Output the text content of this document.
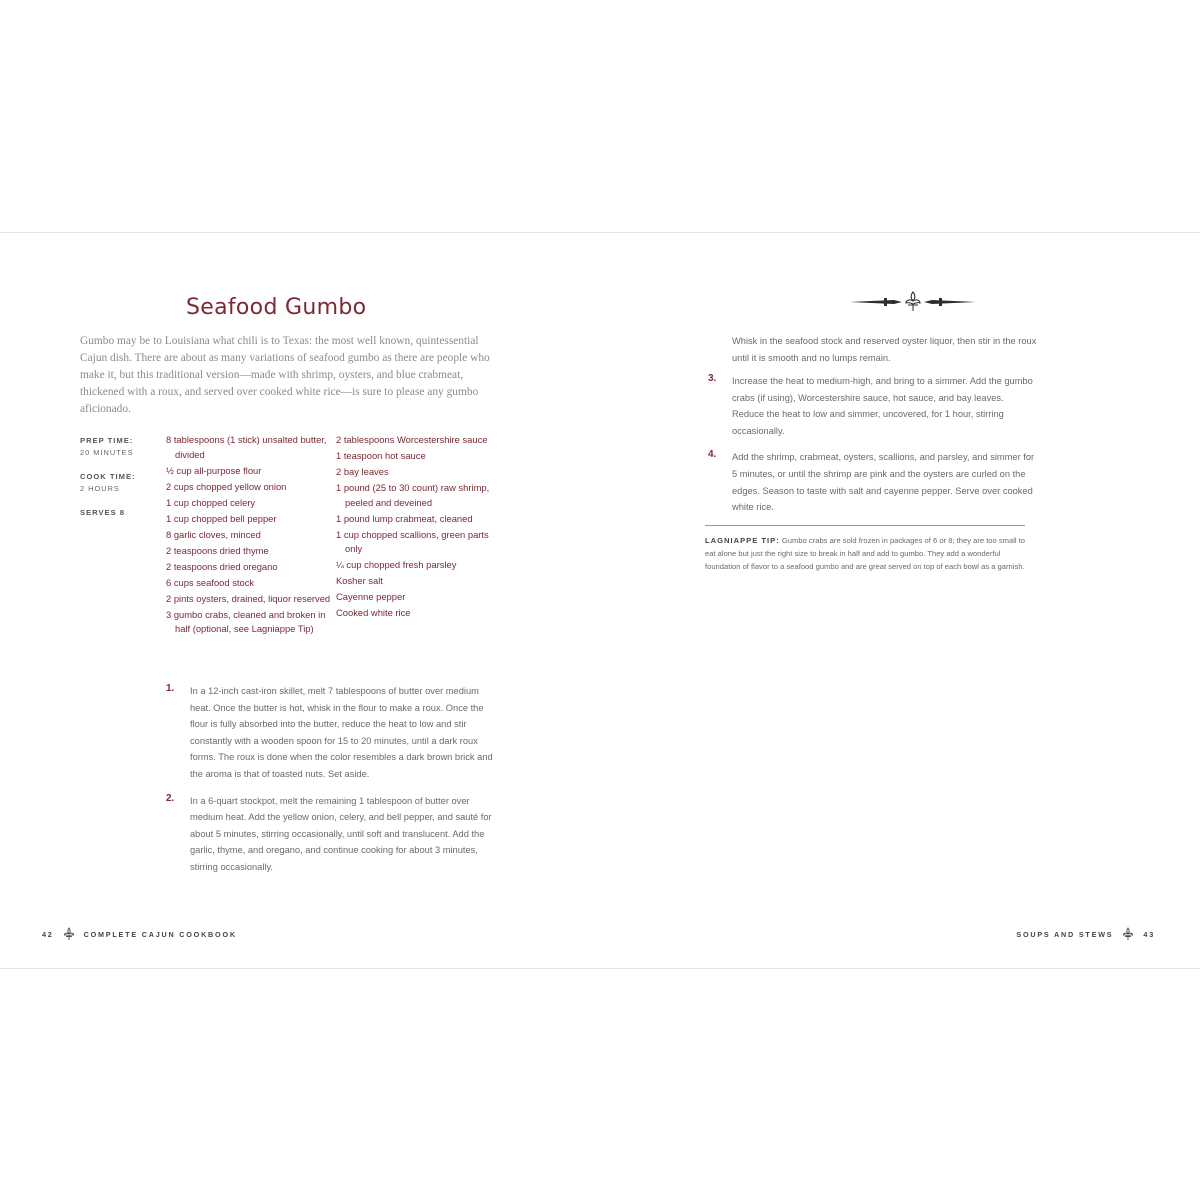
Seafood Gumbo

Gumbo may be to Louisiana what chili is to Texas: the most well known, quintessential Cajun dish. There are about as many variations of seafood gumbo as there are people who make it, but this traditional version—made with shrimp, oysters, and blue crabmeat, thickened with a roux, and served over cooked white rice—is sure to please any gumbo aficionado.

PREP TIME:
20 MINUTES
COOK TIME:
2 HOURS
SERVES 8
8 tablespoons (1 stick) unsalted butter, divided
½ cup all-purpose flour
2 cups chopped yellow onion
1 cup chopped celery
1 cup chopped bell pepper
8 garlic cloves, minced
2 teaspoons dried thyme
2 teaspoons dried oregano
6 cups seafood stock
2 pints oysters, drained, liquor reserved
3 gumbo crabs, cleaned and broken in half (optional, see Lagniappe Tip)
2 tablespoons Worcestershire sauce
1 teaspoon hot sauce
2 bay leaves
1 pound (25 to 30 count) raw shrimp, peeled and deveined
1 pound lump crabmeat, cleaned
1 cup chopped scallions, green parts only
¼ cup chopped fresh parsley
Kosher salt
Cayenne pepper
Cooked white rice
1. In a 12-inch cast-iron skillet, melt 7 tablespoons of butter over medium heat. Once the butter is hot, whisk in the flour to make a roux. Once the flour is fully absorbed into the butter, reduce the heat to low and stir constantly with a wooden spoon for 15 to 20 minutes, until a dark roux forms. The roux is done when the color resembles a dark brown brick and the aroma is that of toasted nuts. Set aside.

2. In a 6-quart stockpot, melt the remaining 1 tablespoon of butter over medium heat. Add the yellow onion, celery, and bell pepper, and sauté for about 5 minutes, stirring occasionally, until soft and translucent. Add the garlic, thyme, and oregano, and continue cooking for about 3 minutes, stirring occasionally.

42	COMPLETE CAJUN COOKBOOK

Whisk in the seafood stock and reserved oyster liquor, then stir in the roux until it is smooth and no lumps remain.

3. Increase the heat to medium-high, and bring to a simmer. Add the gumbo crabs (if using), Worcestershire sauce, hot sauce, and bay leaves. Reduce the heat to low and simmer, uncovered, for 1 hour, stirring occasionally.

4. Add the shrimp, crabmeat, oysters, scallions, and parsley, and simmer for 5 minutes, or until the shrimp are pink and the oysters are curled on the edges. Season to taste with salt and cayenne pepper. Serve over cooked white rice.

LAGNIAPPE TIP: Gumbo crabs are sold frozen in packages of 6 or 8; they are too small to eat alone but just the right size to break in half and add to gumbo. They add a wonderful foundation of flavor to a seafood gumbo and are great served on top of each bowl as a garnish.

SOUPS AND STEWS	43
